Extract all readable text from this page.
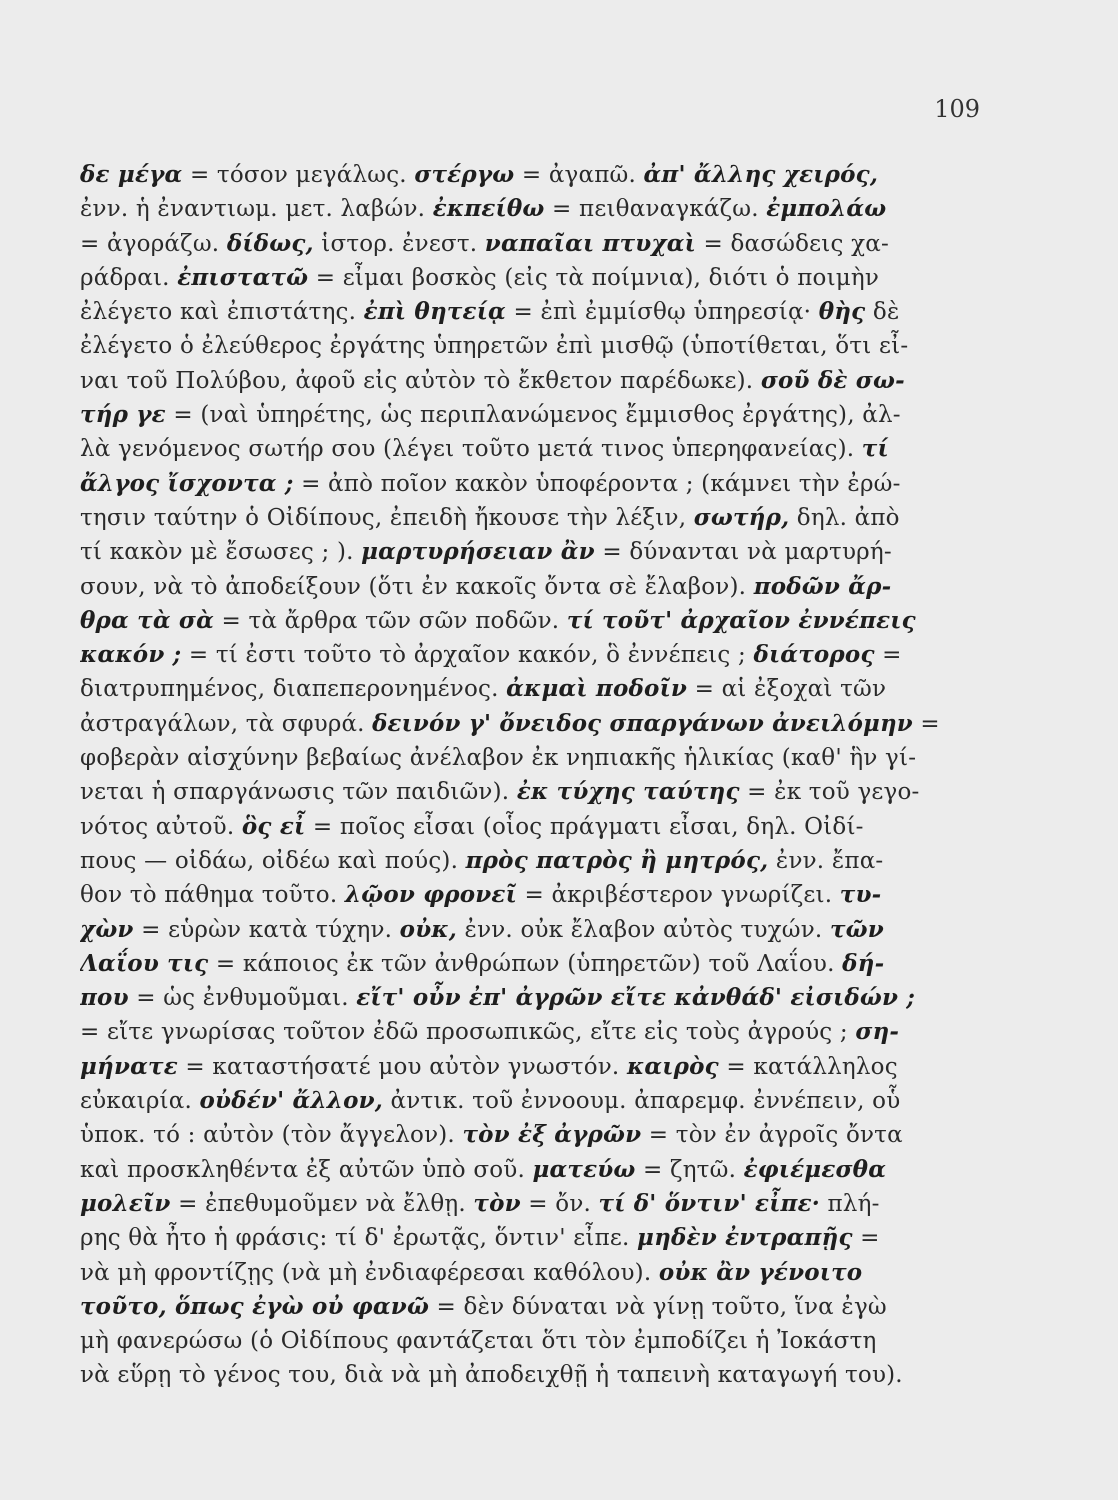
109
δε μέγα = τόσον μεγάλως. στέργω = ἀγαπῶ. ἀπ' ἄλλης χειρός,
ἐνν. ἡ ἐναντιωμ. μετ. λαβών. ἐκπείθω = πειθαναγκάζω. ἐμπολάω
= ἀγοράζω. δίδως, ἱστορ. ἐνεστ. ναπαῖαι πτυχαὶ = δασώδεις χα-
ράδραι. ἐπιστατῶ = εἶμαι βοσκὸς (εἰς τὰ ποίμνια), διότι ὁ ποιμὴν
ἐλέγετο καὶ ἐπιστάτης. ἐπὶ θητείᾳ = ἐπὶ ἐμμίσθῳ ὑπηρεσίᾳ· θὴς δὲ
ἐλέγετο ὁ ἐλεύθερος ἐργάτης ὑπηρετῶν ἐπὶ μισθῷ (ὑποτίθεται, ὅτι εἶ-
ναι τοῦ Πολύβου, ἀφοῦ εἰς αὐτὸν τὸ ἔκθετον παρέδωκε). σοῦ δὲ σω-
τήρ γε = (ναὶ ὑπηρέτης, ὡς περιπλανώμενος ἔμμισθος ἐργάτης), ἀλ-
λὰ γενόμενος σωτήρ σου (λέγει τοῦτο μετά τινος ὑπερηφανείας). τί
ἄλγος ἴσχοντα ; = ἀπὸ ποῖον κακὸν ὑποφέροντα ; (κάμνει τὴν ἐρώ-
τησιν ταύτην ὁ Οἰδίπους, ἐπειδὴ ἤκουσε τὴν λέξιν, σωτήρ, δηλ. ἀπὸ
τί κακὸν μὲ ἔσωσες ; ). μαρτυρήσειαν ἂν = δύνανται νὰ μαρτυρή-
σουν, νὰ τὸ ἀποδείξουν (ὅτι ἐν κακοῖς ὄντα σὲ ἔλαβον). ποδῶν ἄρ-
θρα τὰ σὰ = τὰ ἄρθρα τῶν σῶν ποδῶν. τί τοῦτ' ἀρχαῖον ἐννέπεις
κακόν ; = τί ἐστι τοῦτο τὸ ἀρχαῖον κακόν, ὃ ἐννέπεις ; διάτορος =
διατρυπημένος, διαπεπερονημένος. ἀκμαὶ ποδοῖν = αἱ ἐξοχαὶ τῶν
ἀστραγάλων, τὰ σφυρά. δεινόν γ' ὄνειδος σπαργάνων ἀνειλόμην =
φοβερὰν αἰσχύνην βεβαίως ἀνέλαβον ἐκ νηπιακῆς ἡλικίας (καθ' ἣν γί-
νεται ἡ σπαργάνωσις τῶν παιδιῶν). ἐκ τύχης ταύτης = ἐκ τοῦ γεγο-
νότος αὐτοῦ. ὃς εἶ = ποῖος εἶσαι (οἷος πράγματι εἶσαι, δηλ. Οἰδί-
πους — οἰδάω, οἰδέω καὶ πούς). πρὸς πατρὸς ἢ μητρός, ἐνν. ἔπα-
θον τὸ πάθημα τοῦτο. λῷον φρονεῖ = ἀκριβέστερον γνωρίζει. τυ-
χὼν = εὑρὼν κατὰ τύχην. οὐκ, ἐνν. οὐκ ἔλαβον αὐτὸς τυχών. τῶν
Λαΐου τις = κάποιος ἐκ τῶν ἀνθρώπων (ὑπηρετῶν) τοῦ Λαΐου. δή-
που = ὡς ἐνθυμοῦμαι. εἴτ' οὖν ἐπ' ἀγρῶν εἴτε κἀνθάδ' εἰσιδών ;
= εἴτε γνωρίσας τοῦτον ἐδῶ προσωπικῶς, εἴτε εἰς τοὺς ἀγρούς ; ση-
μήνατε = καταστήσατέ μου αὐτὸν γνωστόν. καιρὸς = κατάλληλος
εὐκαιρία. οὐδέν' ἄλλον, ἀντικ. τοῦ ἐννοουμ. ἀπαρεμφ. ἐννέπειν, οὗ
ὑποκ. τό : αὐτὸν (τὸν ἄγγελον). τὸν ἐξ ἀγρῶν = τὸν ἐν ἀγροῖς ὄντα
καὶ προσκληθέντα ἐξ αὐτῶν ὑπὸ σοῦ. ματεύω = ζητῶ. ἐφιέμεσθα
μολεῖν = ἐπεθυμοῦμεν νὰ ἔλθῃ. τὸν = ὄν. τί δ' ὅντιν' εἶπε· πλή-
ρης θὰ ἦτο ἡ φράσις: τί δ' ἐρωτᾷς, ὅντιν' εἶπε. μηδὲν ἐντραπῇς =
νὰ μὴ φροντίζῃς (νὰ μὴ ἐνδιαφέρεσαι καθόλου). οὐκ ἂν γένοιτο
τοῦτο, ὅπως ἐγὼ οὐ φανῶ = δὲν δύναται νὰ γίνῃ τοῦτο, ἵνα ἐγὼ
μὴ φανερώσω (ὁ Οἰδίπους φαντάζεται ὅτι τὸν ἐμποδίζει ἡ Ἰοκάστη
νὰ εὕρῃ τὸ γένος του, διὰ νὰ μὴ ἀποδειχθῇ ἡ ταπεινὴ καταγωγή του).
